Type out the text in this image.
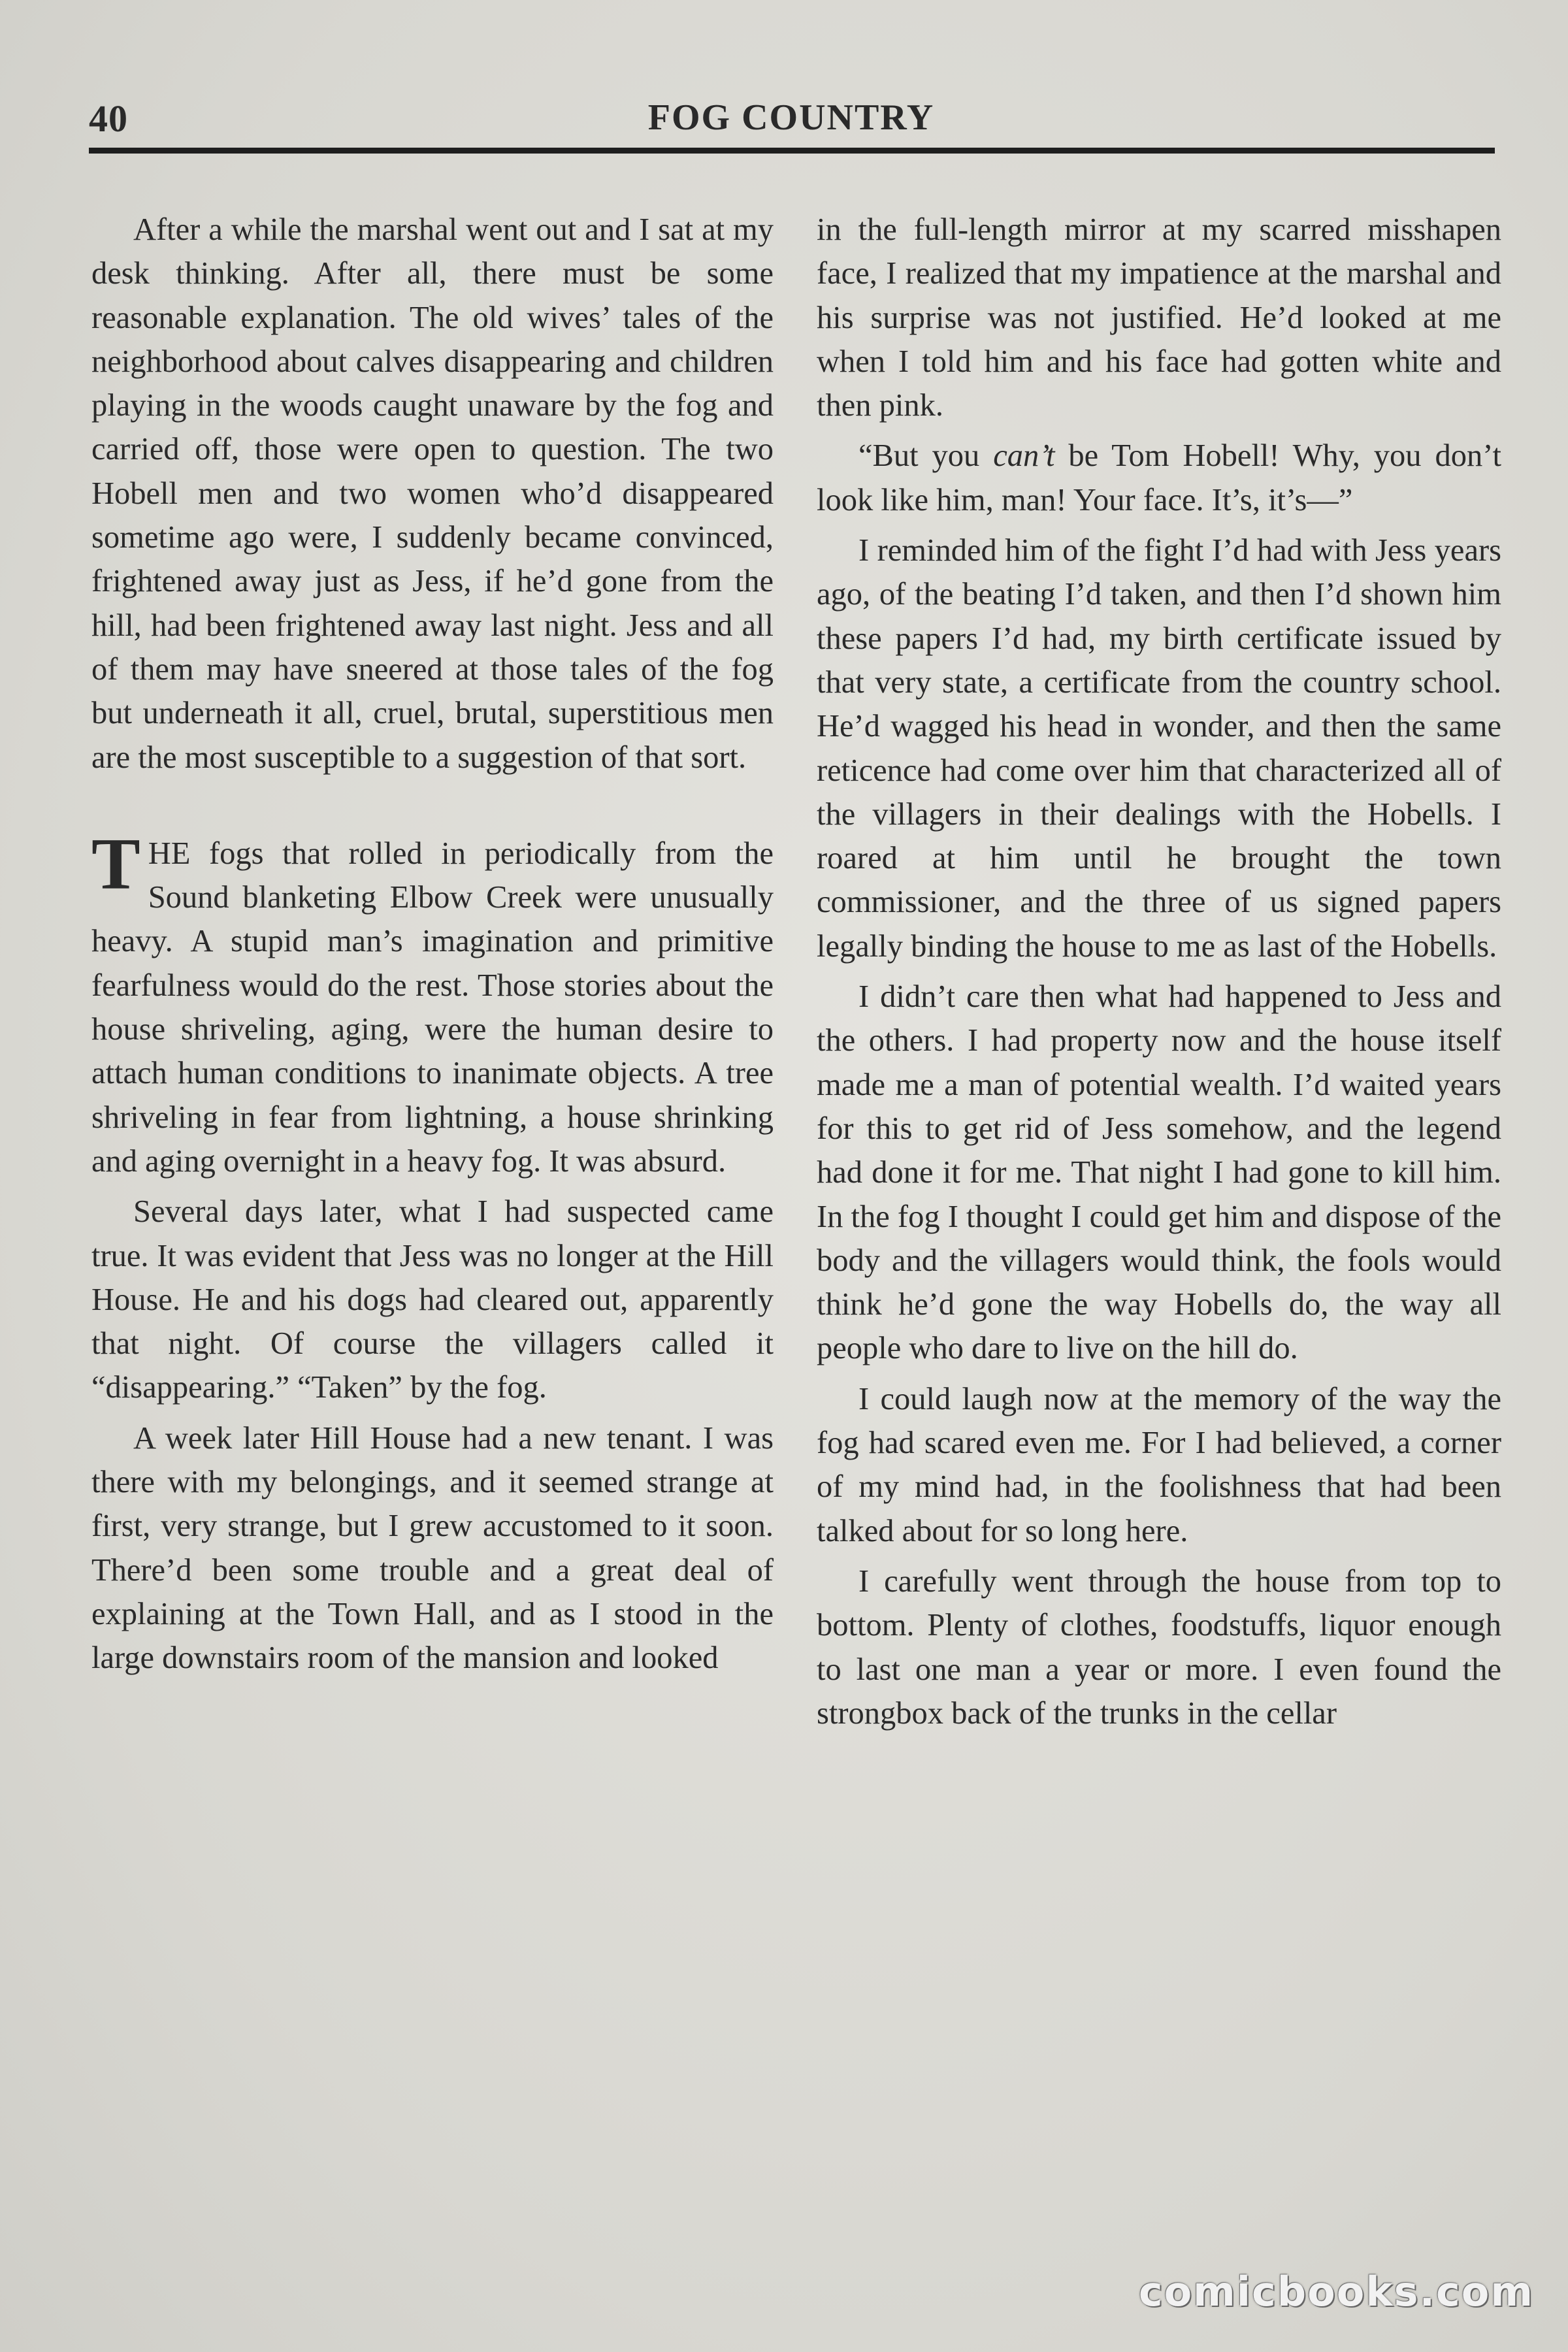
40	FOG COUNTRY

After a while the marshal went out and I sat at my desk thinking. After all, there must be some reasonable explanation. The old wives’ tales of the neighborhood about calves disappearing and children playing in the woods caught unaware by the fog and carried off, those were open to question. The two Hobell men and two women who’d disappeared sometime ago were, I suddenly became convinced, frightened away just as Jess, if he’d gone from the hill, had been frightened away last night. Jess and all of them may have sneered at those tales of the fog but underneath it all, cruel, brutal, superstitious men are the most susceptible to a suggestion of that sort.

THE fogs that rolled in periodically from the Sound blanketing Elbow Creek were unusually heavy. A stupid man’s imagination and primitive fearfulness would do the rest. Those stories about the house shriveling, aging, were the human desire to attach human conditions to inanimate objects. A tree shriveling in fear from lightning, a house shrinking and aging overnight in a heavy fog. It was absurd.

Several days later, what I had suspected came true. It was evident that Jess was no longer at the Hill House. He and his dogs had cleared out, apparently that night. Of course the villagers called it “disappearing.” “Taken” by the fog.

A week later Hill House had a new tenant. I was there with my belongings, and it seemed strange at first, very strange, but I grew accustomed to it soon. There’d been some trouble and a great deal of explaining at the Town Hall, and as I stood in the large downstairs room of the mansion and looked

in the full-length mirror at my scarred misshapen face, I realized that my impatience at the marshal and his surprise was not justified. He’d looked at me when I told him and his face had gotten white and then pink.

“But you can’t be Tom Hobell! Why, you don’t look like him, man! Your face. It’s, it’s—”

I reminded him of the fight I’d had with Jess years ago, of the beating I’d taken, and then I’d shown him these papers I’d had, my birth certificate issued by that very state, a certificate from the country school. He’d wagged his head in wonder, and then the same reticence had come over him that characterized all of the villagers in their dealings with the Hobells. I roared at him until he brought the town commissioner, and the three of us signed papers legally binding the house to me as last of the Hobells.

I didn’t care then what had happened to Jess and the others. I had property now and the house itself made me a man of potential wealth. I’d waited years for this to get rid of Jess somehow, and the legend had done it for me. That night I had gone to kill him. In the fog I thought I could get him and dispose of the body and the villagers would think, the fools would think he’d gone the way Hobells do, the way all people who dare to live on the hill do.

I could laugh now at the memory of the way the fog had scared even me. For I had believed, a corner of my mind had, in the foolishness that had been talked about for so long here.

I carefully went through the house from top to bottom. Plenty of clothes, foodstuffs, liquor enough to last one man a year or more. I even found the strongbox back of the trunks in the cellar

comicbooks.com
